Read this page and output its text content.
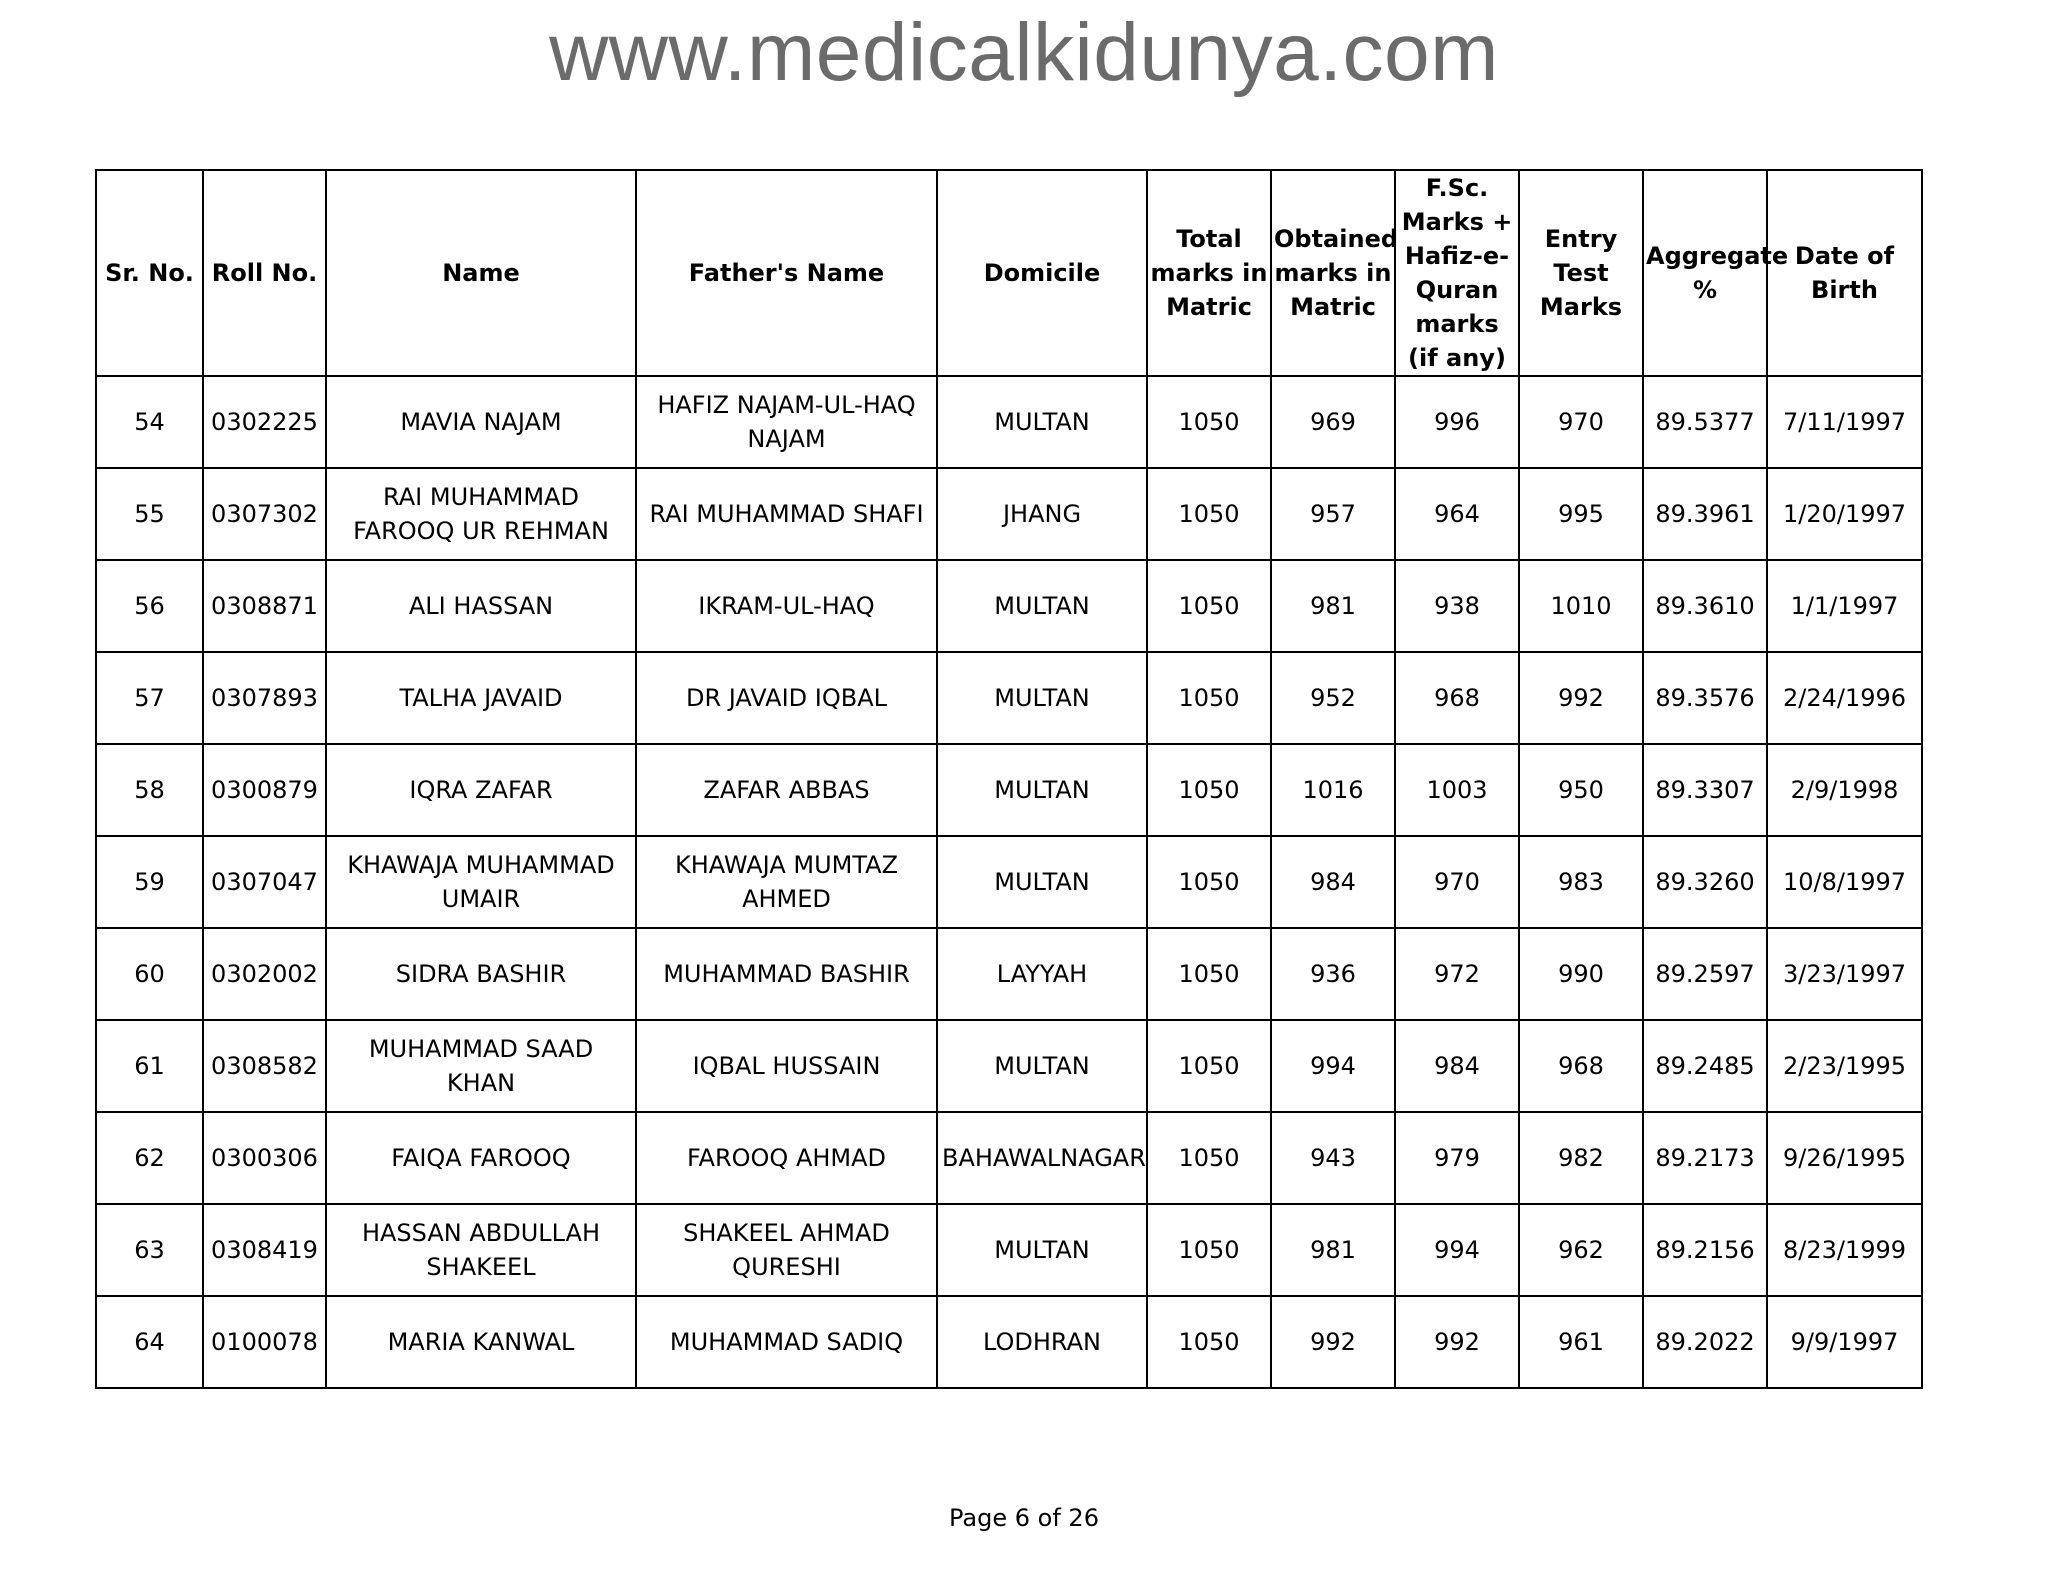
www.medicalkidunya.com
Sr. No.	Roll No.	Name	Father's Name	Domicile	Total marks in Matric	Obtained marks in Matric	F.Sc. Marks + Hafiz-e-Quran marks (if any)	Entry Test Marks	Aggregate %	Date of Birth
54	0302225	MAVIA NAJAM	HAFIZ NAJAM-UL-HAQ NAJAM	MULTAN	1050	969	996	970	89.5377	7/11/1997
55	0307302	RAI MUHAMMAD FAROOQ UR REHMAN	RAI MUHAMMAD SHAFI	JHANG	1050	957	964	995	89.3961	1/20/1997
56	0308871	ALI HASSAN	IKRAM-UL-HAQ	MULTAN	1050	981	938	1010	89.3610	1/1/1997
57	0307893	TALHA JAVAID	DR JAVAID IQBAL	MULTAN	1050	952	968	992	89.3576	2/24/1996
58	0300879	IQRA ZAFAR	ZAFAR ABBAS	MULTAN	1050	1016	1003	950	89.3307	2/9/1998
59	0307047	KHAWAJA MUHAMMAD UMAIR	KHAWAJA MUMTAZ AHMED	MULTAN	1050	984	970	983	89.3260	10/8/1997
60	0302002	SIDRA BASHIR	MUHAMMAD BASHIR	LAYYAH	1050	936	972	990	89.2597	3/23/1997
61	0308582	MUHAMMAD SAAD KHAN	IQBAL HUSSAIN	MULTAN	1050	994	984	968	89.2485	2/23/1995
62	0300306	FAIQA FAROOQ	FAROOQ AHMAD	BAHAWALNAGAR	1050	943	979	982	89.2173	9/26/1995
63	0308419	HASSAN ABDULLAH SHAKEEL	SHAKEEL AHMAD QURESHI	MULTAN	1050	981	994	962	89.2156	8/23/1999
64	0100078	MARIA KANWAL	MUHAMMAD SADIQ	LODHRAN	1050	992	992	961	89.2022	9/9/1997
Page 6 of 26
